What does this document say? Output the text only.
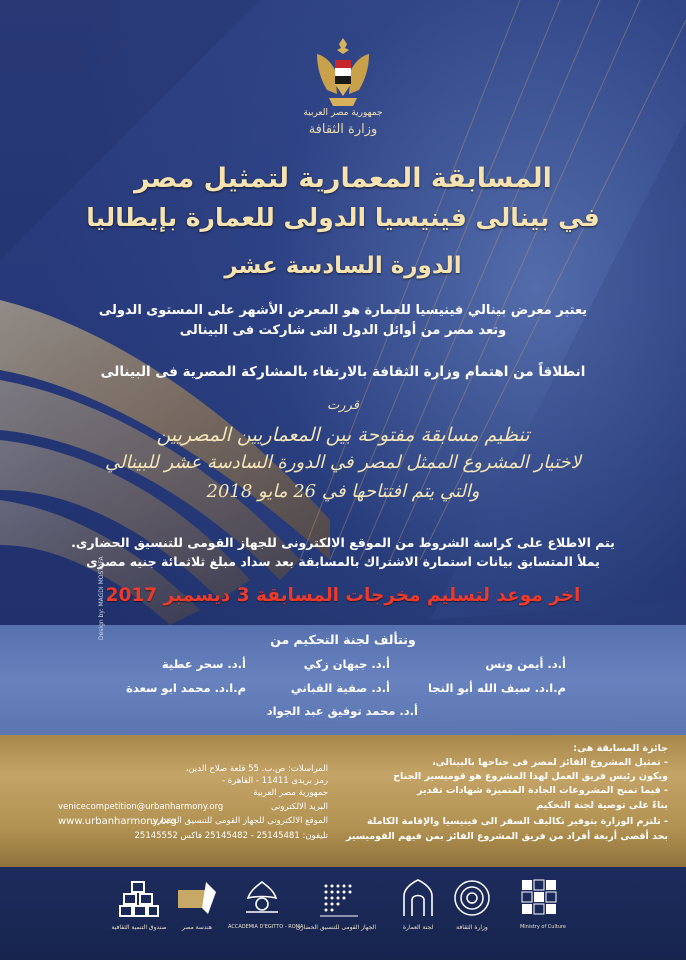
جمهورية مصر العربية
وزارة الثقافة
المسابقة المعمارية لتمثيل مصر
في بينالى فينيسيا الدولى للعمارة بإيطاليا
الدورة السادسة عشر
يعتبر معرض بينالي فينيسيا للعمارة هو المعرض الأشهر على المستوى الدولى
وتعد مصر من أوائل الدول التى شاركت فى البينالى
انطلاقاً من اهتمام وزارة الثقافة بالارتقاء بالمشاركة المصرية فى البينالى
قررت
تنظيم مسابقة مفتوحة بين المعماريين المصريين
لاختيار المشروع الممثل لمصر في الدورة السادسة عشر للبينالي
والتي يتم افتتاحها في 26 مايو 2018
يتم الاطلاع على كراسة الشروط من الموقع الالكترونى للجهاز القومى للتنسيق الحضارى.
يملأ المتسابق بيانات استمارة الاشتراك بالمسابقة بعد سداد مبلغ ثلاثمائة جنيه مصرى
اخر موعد لتسليم مخرجات المسابقة 3 ديسمبر 2017
وتتألف لجنة التحكيم من
أ.د. أيمن ونس
أ.د. جيهان زكي
أ.د. سحر عطية
م.ا.د. سيف الله أبو النجا
أ.د. صفية القباني
م.ا.د. محمد ابو سعدة
أ.د. محمد توفيق عبد الجواد
Design by: MAGDI MOSTAFA
جائزة المسابقة هى:
- تمثيل المشروع الفائز لمصر فى جناحها بالبينالى،
ويكون رئيس فريق العمل لهذا المشروع هو قوميسير الجناح
- فيما تمنح المشروعات الجادة المتميزة شهادات تقدير
بناءً على توصية لجنة التحكيم
- تلتزم الوزارة بتوفير تكاليف السفر الى فينيسيا والإقامة الكاملة
بحد أقصى أربعة أفراد من فريق المشروع الفائز بمن فيهم القوميسير
المراسلات: ص.ب. 55 قلعة صلاح الدين،
رمز بريدى 11411 - القاهرة -
جمهورية مصر العربية
البريد الالكترونى
venicecompetition@urbanharmony.org
الموقع الالكترونى للجهاز القومى للتنسيق الحضارى
www.urbanharmony.org
تليفون: 25145481 - 25145482 فاكس 25145552
صندوق التنمية الثقافية	هندسة مصر	ACCADEMIA D'EGITTO - ROMA
الجهاز القومى للتنسيق الحضارى	لجنة العمارة	وزارة الثقافة	Ministry of Culture
